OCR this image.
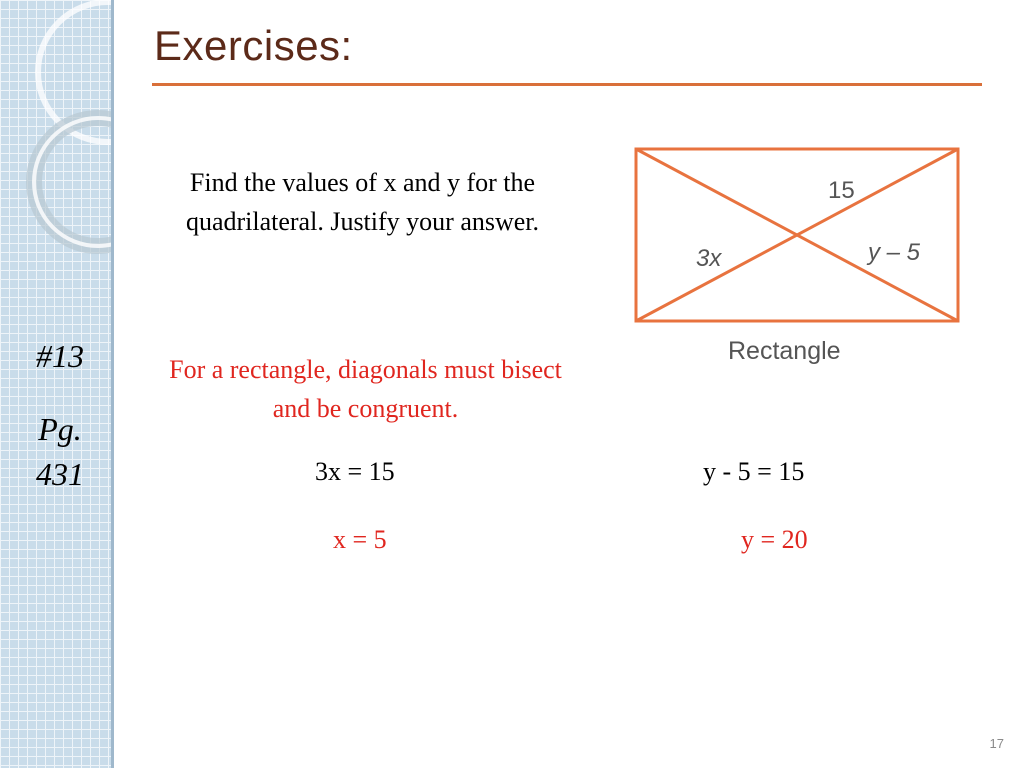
Exercises:
#13
Pg.
431

Find the values of x and y for the quadrilateral. Justify your answer.

For a rectangle, diagonals must bisect and be congruent.

3x = 15
x = 5
y - 5 = 15
y = 20
15
3x	y – 5
Rectangle
17
